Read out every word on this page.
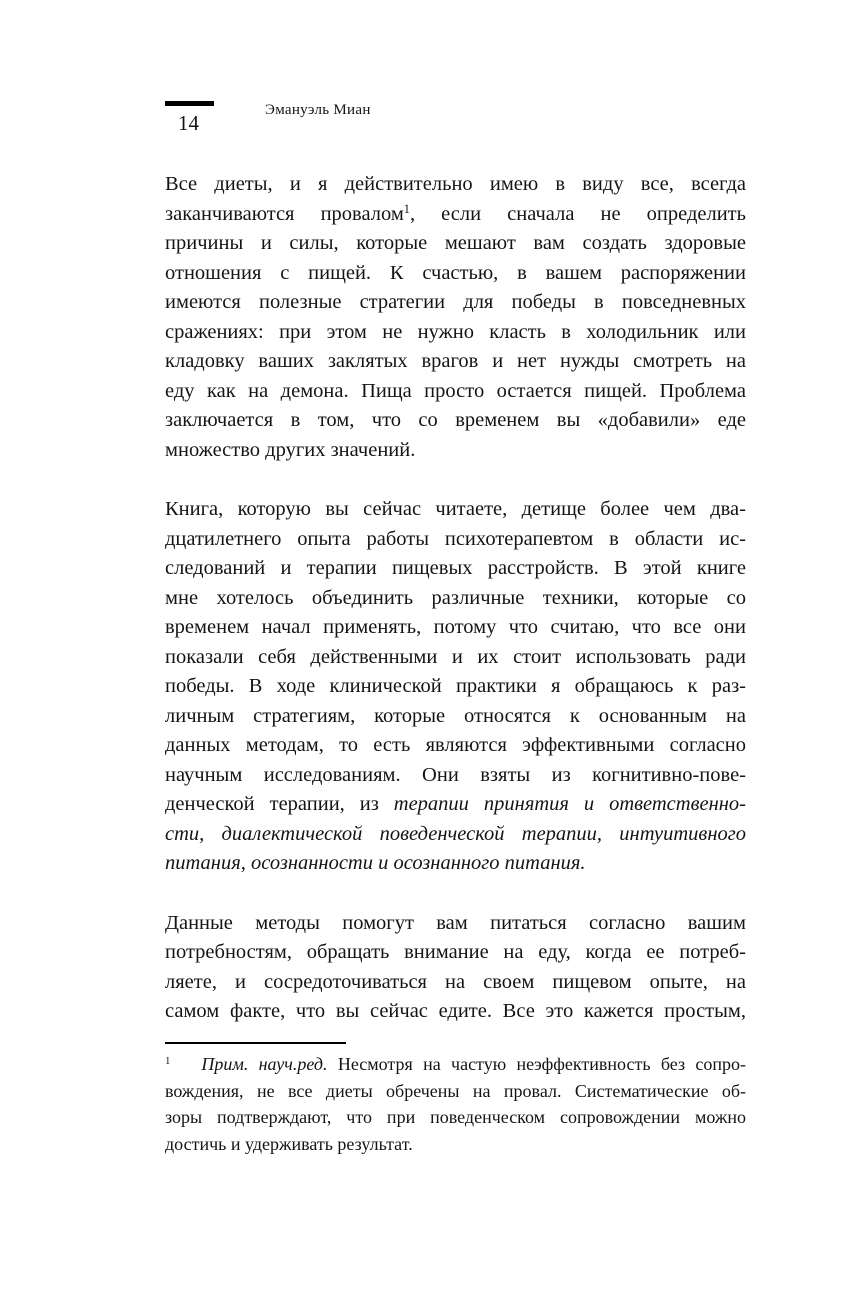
14
Эмануэль Миан
Все диеты, и я действительно имею в виду все, всегда
заканчиваются провалом$^1$, если сначала не определить
причины и силы, которые мешают вам создать здоровые
отношения с пищей. К счастью, в вашем распоряжении
имеются полезные стратегии для победы в повседневных
сражениях: при этом не нужно класть в холодильник или
кладовку ваших заклятых врагов и нет нужды смотреть на
еду как на демона. Пища просто остается пищей. Проблема
заключается в том, что со временем вы «добавили» еде
множество других значений.
Книга, которую вы сейчас читаете, детище более чем два-
дцатилетнего опыта работы психотерапевтом в области ис-
следований и терапии пищевых расстройств. В этой книге
мне хотелось объединить различные техники, которые со
временем начал применять, потому что считаю, что все они
показали себя действенными и их стоит использовать ради
победы. В ходе клинической практики я обращаюсь к раз-
личным стратегиям, которые относятся к основанным на
данных методам, то есть являются эффективными согласно
научным исследованиям. Они взяты из когнитивно-пове-
денческой терапии, из терапии принятия и ответственно-
сти, диалектической поведенческой терапии, интуитивного
питания, осознанности и осознанного питания.
Данные методы помогут вам питаться согласно вашим
потребностям, обращать внимание на еду, когда ее потреб-
ляете, и сосредоточиваться на своем пищевом опыте, на
самом факте, что вы сейчас едите. Все это кажется простым,
$^1$ Прим. науч.ред. Несмотря на частую неэффективность без сопро-
вождения, не все диеты обречены на провал. Систематические об-
зоры подтверждают, что при поведенческом сопровождении можно
достичь и удерживать результат.
